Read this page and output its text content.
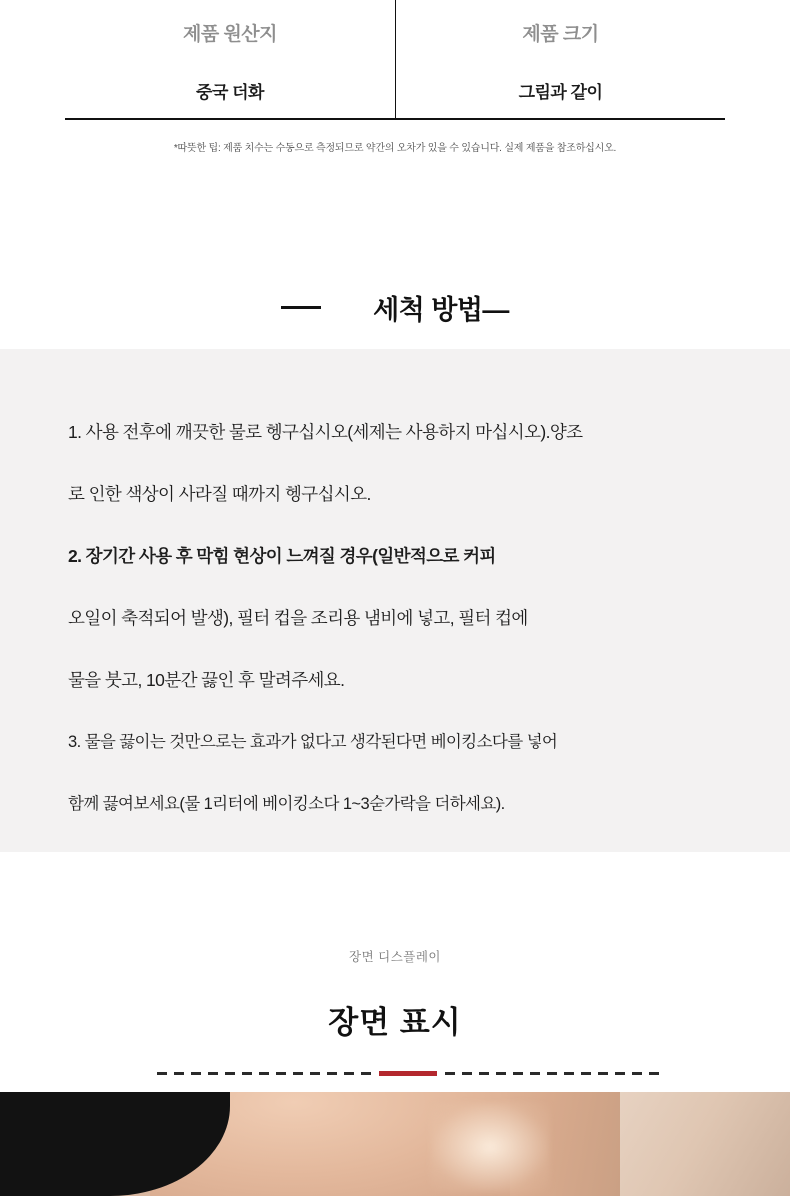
제품 원산지
중국 더화
제품 크기
그림과 같이
*따뜻한 팁: 제품 치수는 수동으로 측정되므로 약간의 오차가 있을 수 있습니다. 실제 제품을 참조하십시오.
세척 방법—
1. 사용 전후에 깨끗한 물로 헹구십시오(세제는 사용하지 마십시오).양조
로 인한 색상이 사라질 때까지 헹구십시오.
2. 장기간 사용 후 막힘 현상이 느껴질 경우(일반적으로 커피
오일이 축적되어 발생), 필터 컵을 조리용 냄비에 넣고, 필터 컵에
물을 붓고, 10분간 끓인 후 말려주세요.
3. 물을 끓이는 것만으로는 효과가 없다고 생각된다면 베이킹소다를 넣어
함께 끓여보세요(물 1리터에 베이킹소다 1~3숟가락을 더하세요).
장면 디스플레이
장면 표시
